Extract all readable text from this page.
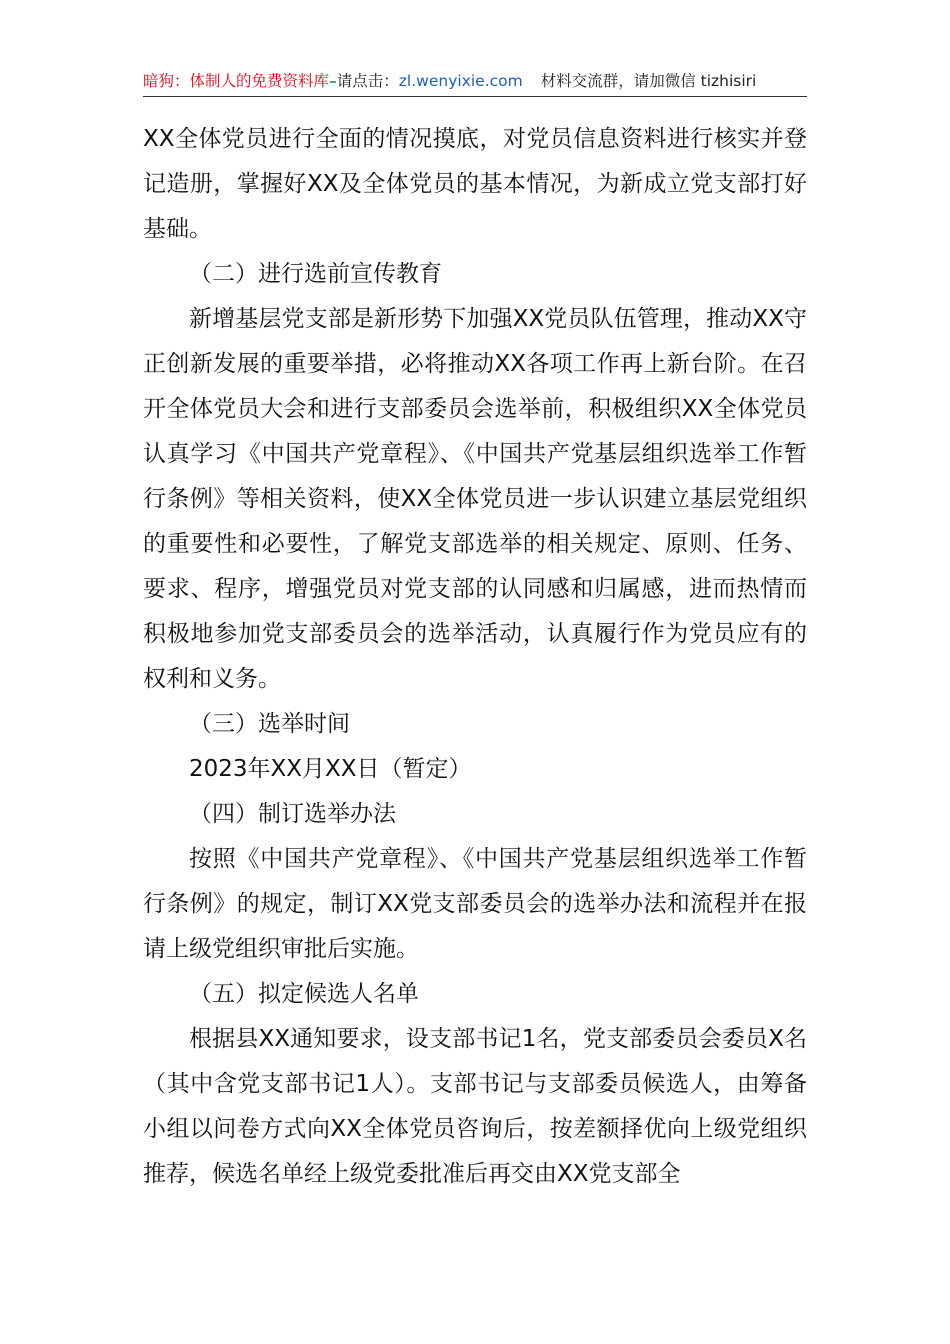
暗狗：体制人的免费资料库–请点击：zl.wenyixie.com 材料交流群，请加微信 tizhisiri

XX全体党员进行全面的情况摸底，对党员信息资料进行核实并登记造册，掌握好XX及全体党员的基本情况，为新成立党支部打好基础。

（二）进行选前宣传教育

新增基层党支部是新形势下加强XX党员队伍管理，推动XX守正创新发展的重要举措，必将推动XX各项工作再上新台阶。在召开全体党员大会和进行支部委员会选举前，积极组织XX全体党员认真学习《中国共产党章程》、《中国共产党基层组织选举工作暂行条例》等相关资料，使XX全体党员进一步认识建立基层党组织的重要性和必要性，了解党支部选举的相关规定、原则、任务、要求、程序，增强党员对党支部的认同感和归属感，进而热情而积极地参加党支部委员会的选举活动，认真履行作为党员应有的权利和义务。

（三）选举时间

2023年XX月XX日（暂定）

（四）制订选举办法

按照《中国共产党章程》、《中国共产党基层组织选举工作暂行条例》的规定，制订XX党支部委员会的选举办法和流程并在报请上级党组织审批后实施。

（五）拟定候选人名单

根据县XX通知要求，设支部书记1名，党支部委员会委员X名（其中含党支部书记1人）。支部书记与支部委员候选人，由筹备小组以问卷方式向XX全体党员咨询后，按差额择优向上级党组织推荐，候选名单经上级党委批准后再交由XX党支部全
